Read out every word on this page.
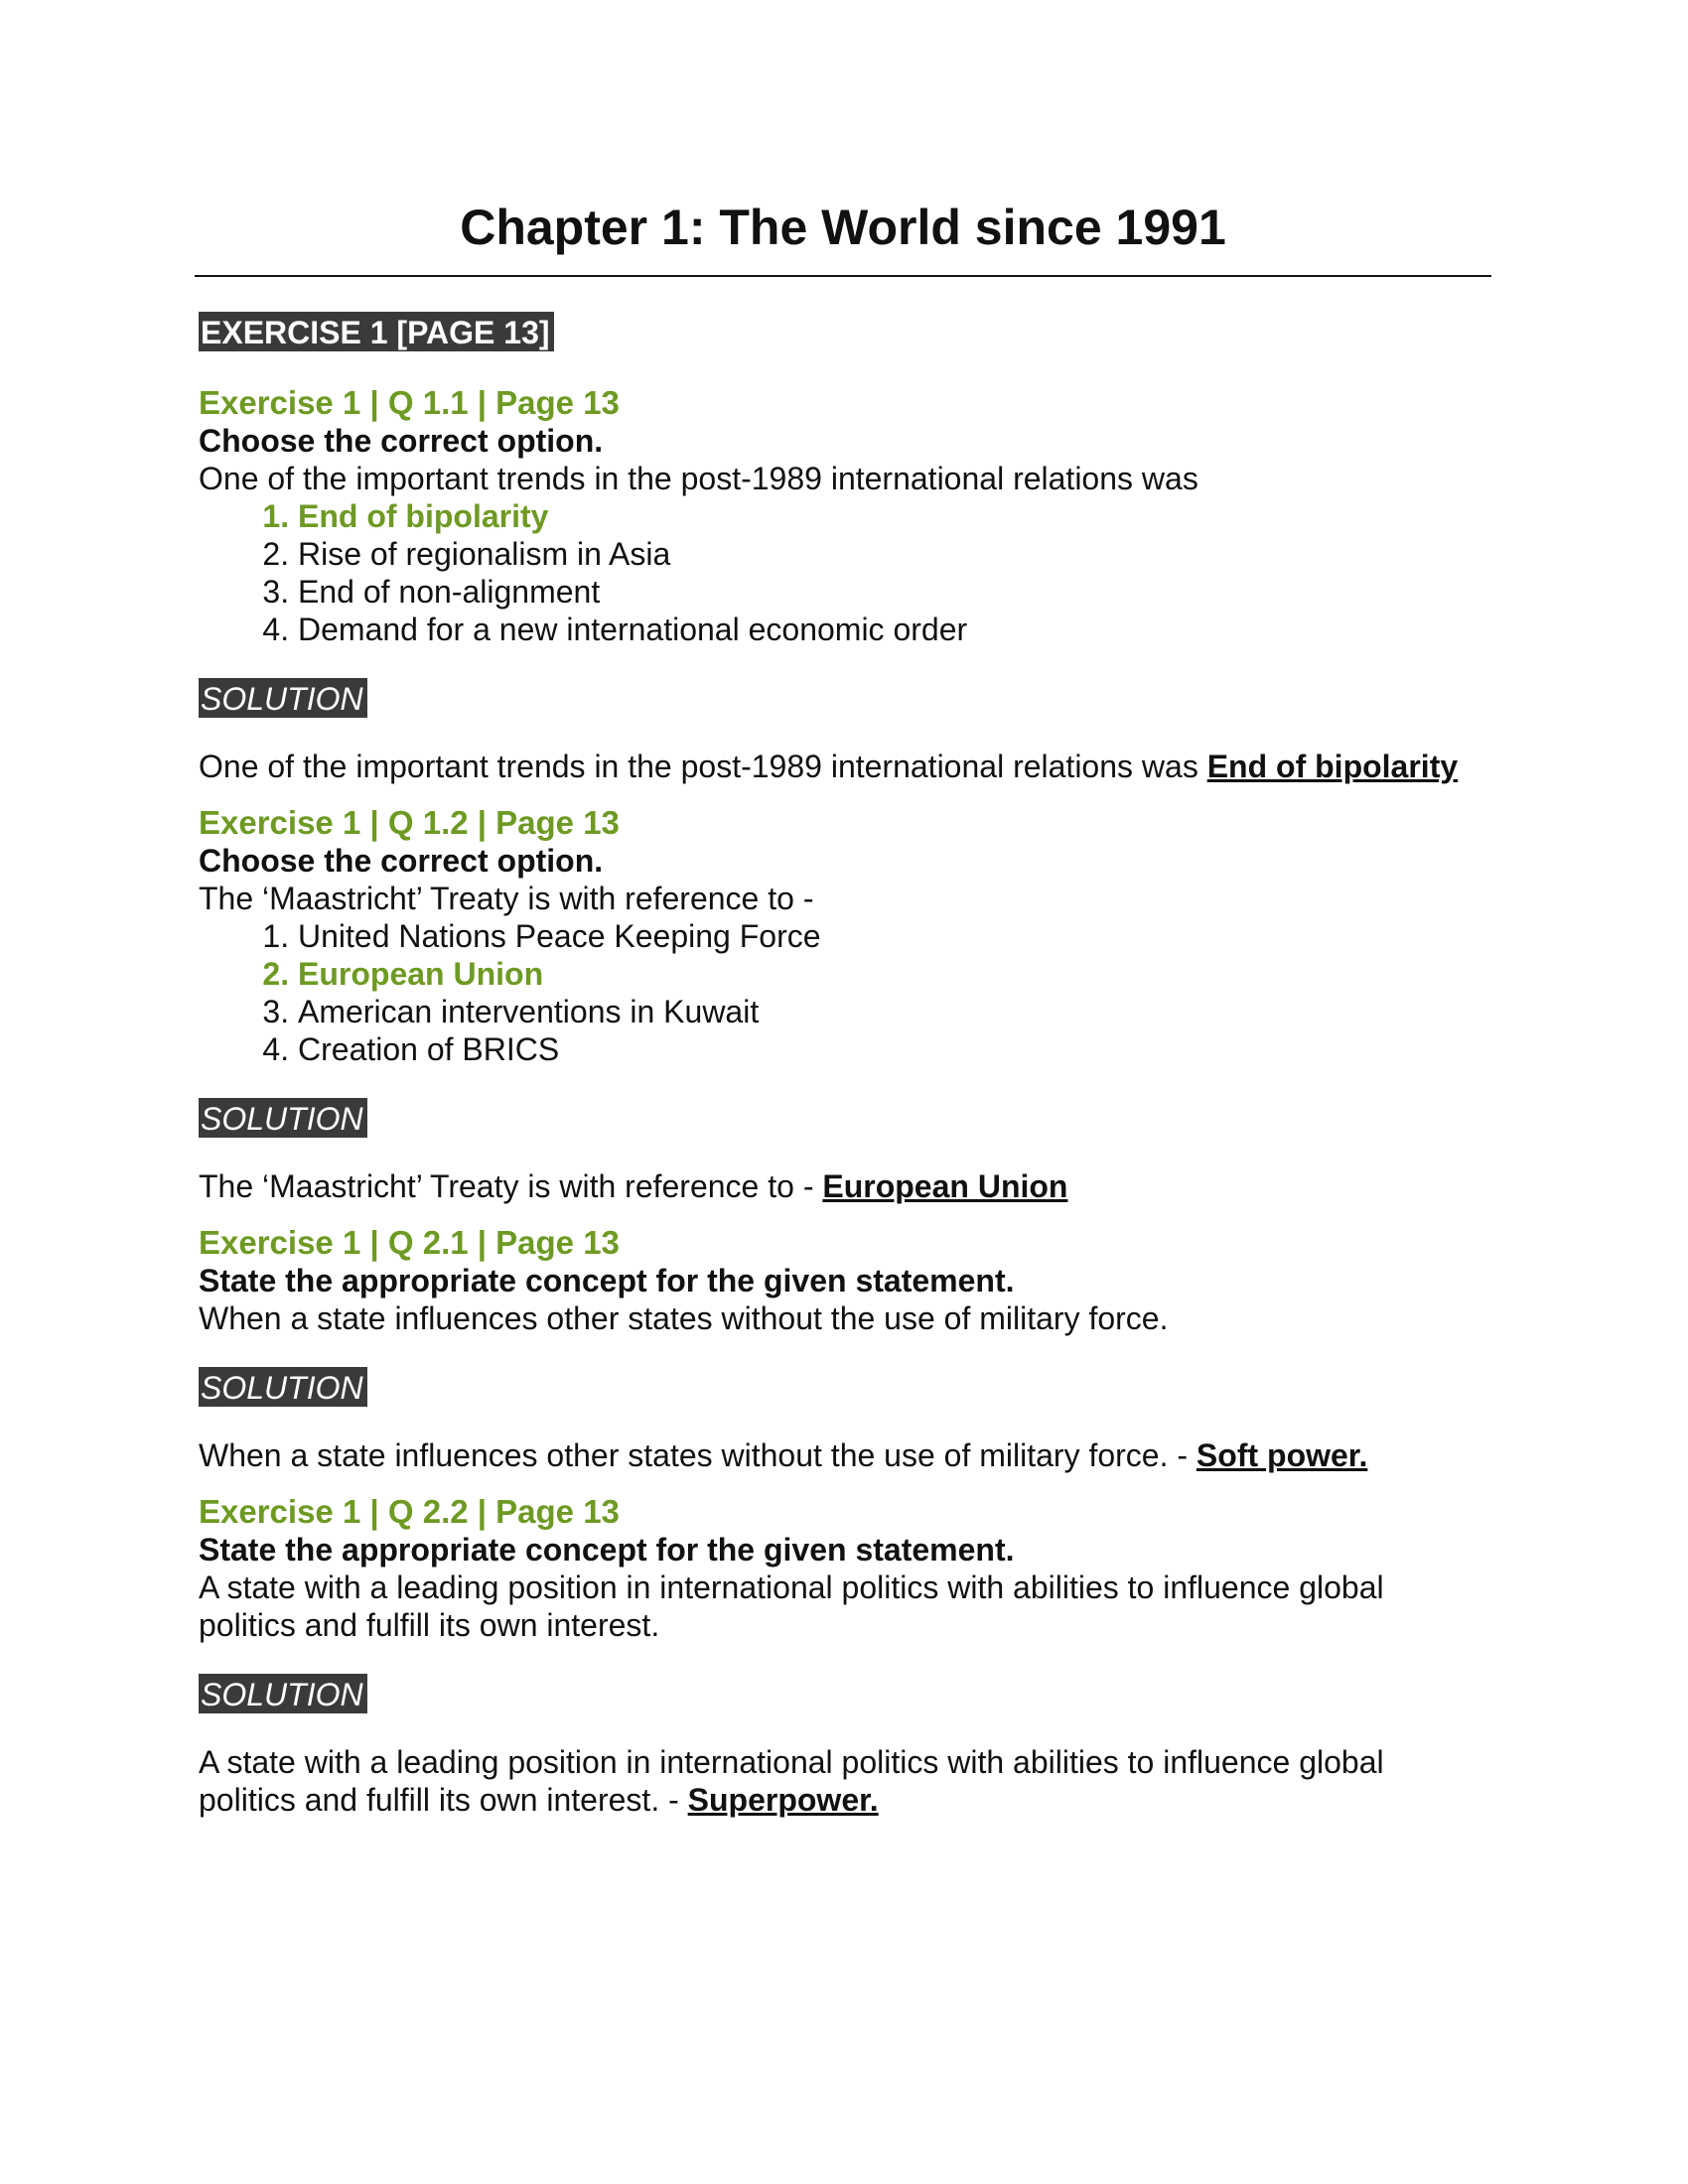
Chapter 1: The World since 1991
EXERCISE 1 [PAGE 13]
Exercise 1 | Q 1.1 | Page 13
Choose the correct option.
One of the important trends in the post-1989 international relations was
1. End of bipolarity
2. Rise of regionalism in Asia
3. End of non-alignment
4. Demand for a new international economic order
SOLUTION
One of the important trends in the post-1989 international relations was End of bipolarity
Exercise 1 | Q 1.2 | Page 13
Choose the correct option.
The ‘Maastricht’ Treaty is with reference to -
1. United Nations Peace Keeping Force
2. European Union
3. American interventions in Kuwait
4. Creation of BRICS
SOLUTION
The ‘Maastricht’ Treaty is with reference to - European Union
Exercise 1 | Q 2.1 | Page 13
State the appropriate concept for the given statement.
When a state influences other states without the use of military force.
SOLUTION
When a state influences other states without the use of military force. - Soft power.
Exercise 1 | Q 2.2 | Page 13
State the appropriate concept for the given statement.
A state with a leading position in international politics with abilities to influence global politics and fulfill its own interest.
SOLUTION
A state with a leading position in international politics with abilities to influence global politics and fulfill its own interest. - Superpower.
